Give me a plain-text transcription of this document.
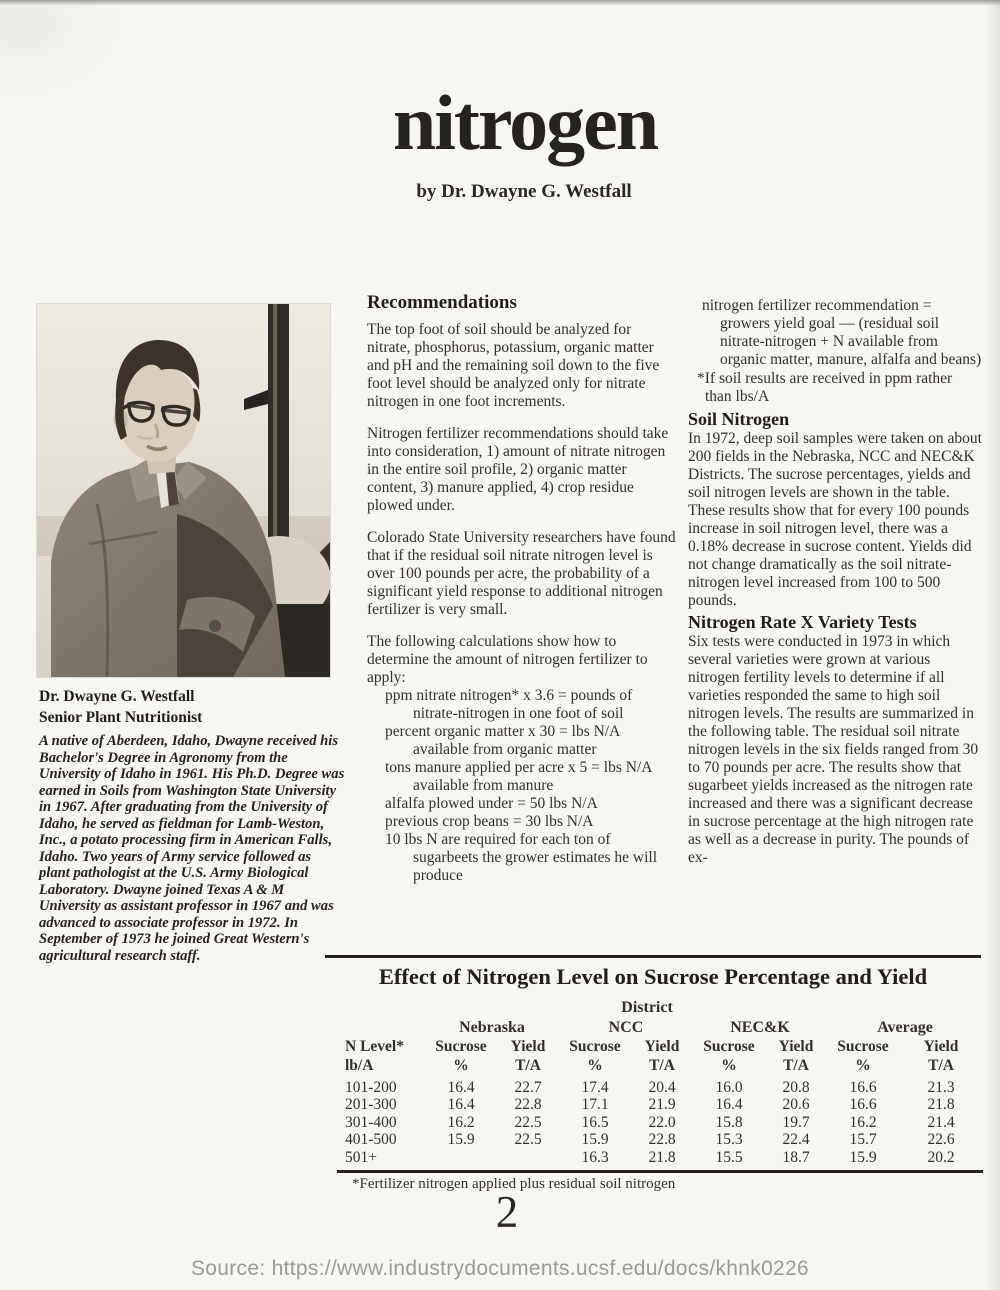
nitrogen
by Dr. Dwayne G. Westfall
Dr. Dwayne G. Westfall
Senior Plant Nutritionist
A native of Aberdeen, Idaho, Dwayne received his Bachelor's Degree in Agronomy from the University of Idaho in 1961. His Ph.D. Degree was earned in Soils from Washington State University in 1967. After graduating from the University of Idaho, he served as fieldman for Lamb-Weston, Inc., a potato processing firm in American Falls, Idaho. Two years of Army service followed as plant pathologist at the U.S. Army Biological Laboratory. Dwayne joined Texas A & M University as assistant professor in 1967 and was advanced to associate professor in 1972. In September of 1973 he joined Great Western's agricultural research staff.
Recommendations

The top foot of soil should be analyzed for nitrate, phosphorus, potassium, organic matter and pH and the remaining soil down to the five foot level should be analyzed only for nitrate nitrogen in one foot increments.

Nitrogen fertilizer recommendations should take into consideration, 1) amount of nitrate nitrogen in the entire soil profile, 2) organic matter content, 3) manure applied, 4) crop residue plowed under.

Colorado State University researchers have found that if the residual soil nitrate nitrogen level is over 100 pounds per acre, the probability of a significant yield response to additional nitrogen fertilizer is very small.

The following calculations show how to determine the amount of nitrogen fertilizer to apply:

ppm nitrate nitrogen* x 3.6 = pounds of nitrate-nitrogen in one foot of soil
percent organic matter x 30 = lbs N/A available from organic matter
tons manure applied per acre x 5 = lbs N/A available from manure
alfalfa plowed under = 50 lbs N/A
previous crop beans = 30 lbs N/A
10 lbs N are required for each ton of sugarbeets the grower estimates he will produce
nitrogen fertilizer recommendation = growers yield goal — (residual soil nitrate-nitrogen + N available from organic matter, manure, alfalfa and beans)
*If soil results are received in ppm rather than lbs/A
Soil Nitrogen

In 1972, deep soil samples were taken on about 200 fields in the Nebraska, NCC and NEC&K Districts. The sucrose percentages, yields and soil nitrogen levels are shown in the table. These results show that for every 100 pounds increase in soil nitrogen level, there was a 0.18% decrease in sucrose content. Yields did not change dramatically as the soil nitrate-nitrogen level increased from 100 to 500 pounds.

Nitrogen Rate X Variety Tests

Six tests were conducted in 1973 in which several varieties were grown at various nitrogen fertility levels to determine if all varieties responded the same to high soil nitrogen levels. The results are summarized in the following table. The residual soil nitrate nitrogen levels in the six fields ranged from 30 to 70 pounds per acre. The results show that sugarbeet yields increased as the nitrogen rate increased and there was a significant decrease in sucrose percentage at the high nitrogen rate as well as a decrease in purity. The pounds of ex-

Effect of Nitrogen Level on Sucrose Percentage and Yield
District
	Nebraska	NCC	NEC&K	Average
N Level*	Sucrose	Yield	Sucrose	Yield	Sucrose	Yield	Sucrose	Yield
lb/A	%	T/A	%	T/A	%	T/A	%	T/A
101-200	16.4	22.7	17.4	20.4	16.0	20.8	16.6	21.3
201-300	16.4	22.8	17.1	21.9	16.4	20.6	16.6	21.8
301-400	16.2	22.5	16.5	22.0	15.8	19.7	16.2	21.4
401-500	15.9	22.5	15.9	22.8	15.3	22.4	15.7	22.6
501+			16.3	21.8	15.5	18.7	15.9	20.2
*Fertilizer nitrogen applied plus residual soil nitrogen
2
Source: https://www.industrydocuments.ucsf.edu/docs/khnk0226
